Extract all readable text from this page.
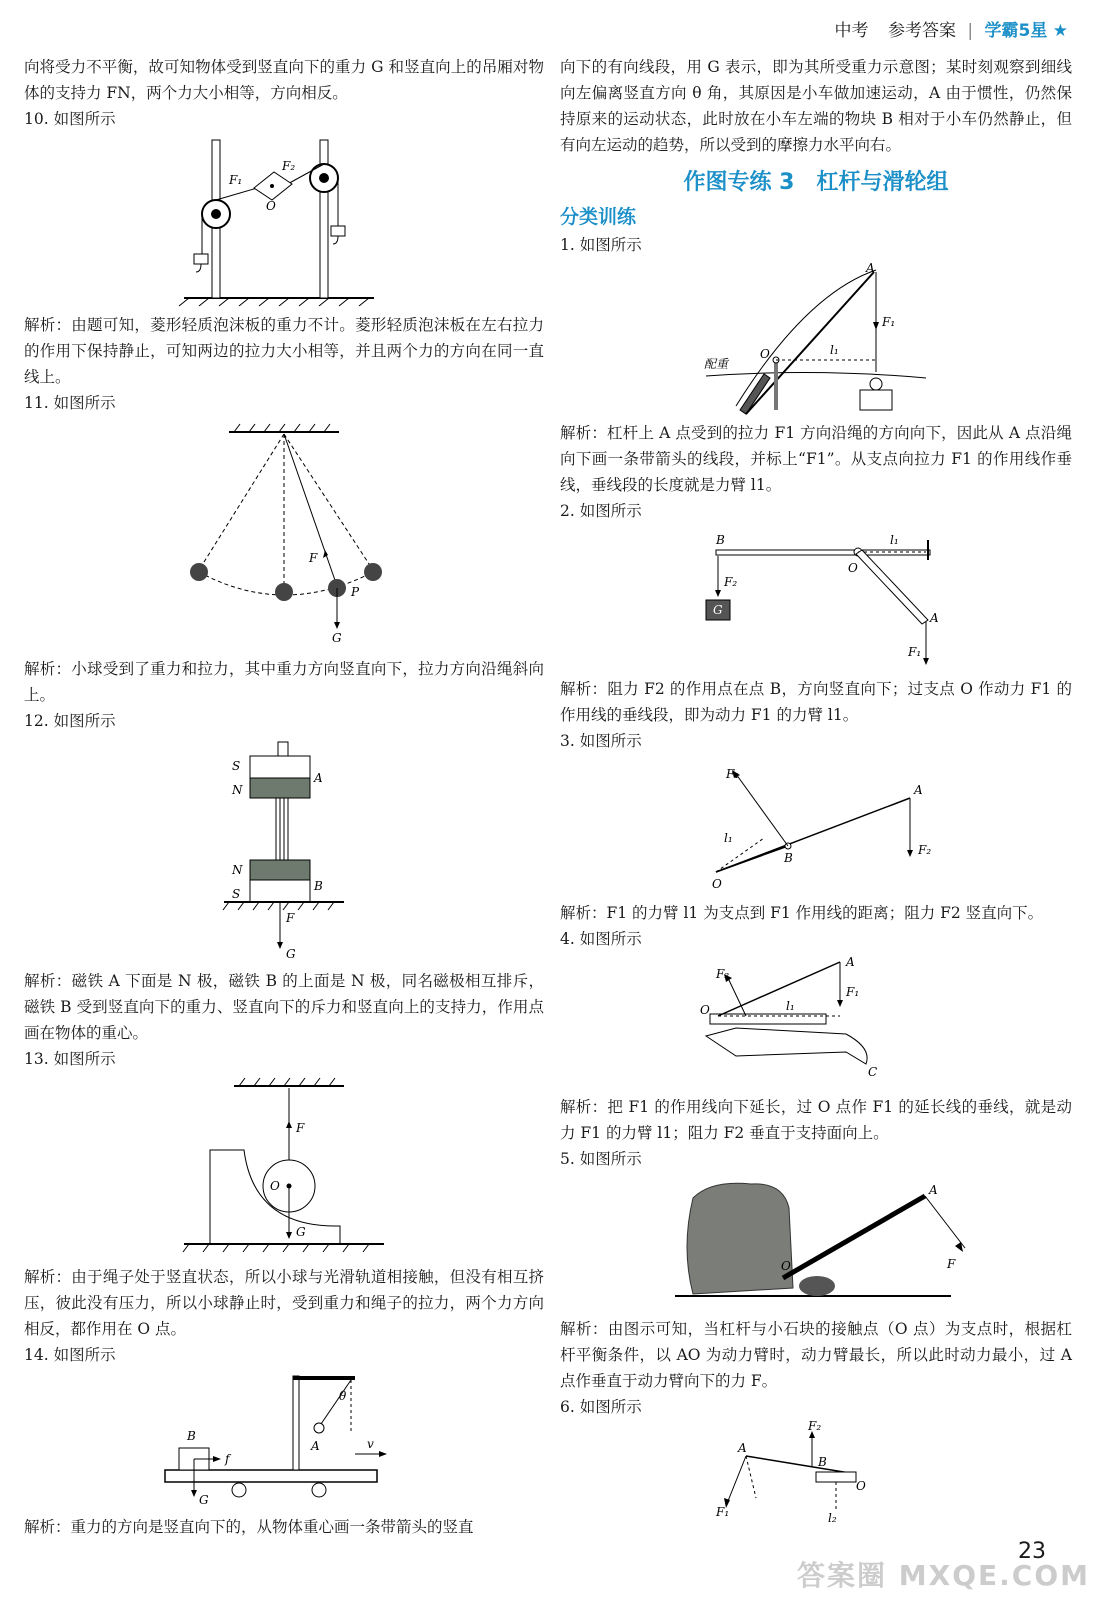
中考 参考答案 | 学霸5星 ★

向将受力不平衡，故可知物体受到竖直向下的重力 G 和竖直向上的吊厢对物体的支持力 FN，两个力大小相等，方向相反。

10. 如图所示

F₁
F₂
O

解析：由题可知，菱形轻质泡沫板的重力不计。菱形轻质泡沫板在左右拉力的作用下保持静止，可知两边的拉力大小相等，并且两个力的方向在同一直线上。

11. 如图所示

F
P
G

解析：小球受到了重力和拉力，其中重力方向竖直向下，拉力方向沿绳斜向上。

12. 如图所示

S
N
A
N
S
B
F
G

解析：磁铁 A 下面是 N 极，磁铁 B 的上面是 N 极，同名磁极相互排斥，磁铁 B 受到竖直向下的重力、竖直向下的斥力和竖直向上的支持力，作用点画在物体的重心。

13. 如图所示

F
O
G

解析：由于绳子处于竖直状态，所以小球与光滑轨道相接触，但没有相互挤压，彼此没有压力，所以小球静止时，受到重力和绳子的拉力，两个力方向相反，都作用在 O 点。

14. 如图所示

θ
A	v
B
f
G

解析：重力的方向是竖直向下的，从物体重心画一条带箭头的竖直

向下的有向线段，用 G 表示，即为其所受重力示意图；某时刻观察到细线向左偏离竖直方向 θ 角，其原因是小车做加速运动，A 由于惯性，仍然保持原来的运动状态，此时放在小车左端的物块 B 相对于小车仍然静止，但有向左运动的趋势，所以受到的摩擦力水平向右。

作图专练 3　杠杆与滑轮组
分类训练

1. 如图所示

配重
O
F₁
A
l₁

解析：杠杆上 A 点受到的拉力 F1 方向沿绳的方向向下，因此从 A 点沿绳向下画一条带箭头的线段，并标上“F1”。从支点向拉力 F1 的作用线作垂线，垂线段的长度就是力臂 l1。

2. 如图所示

B
O
l₁
A
F₁
F₂
G

解析：阻力 F2 的作用点在点 B，方向竖直向下；过支点 O 作动力 F1 的作用线的垂线段，即为动力 F1 的力臂 l1。

3. 如图所示

O
B
F₁
l₁
A
F₂

解析：F1 的力臂 l1 为支点到 F1 作用线的距离；阻力 F2 竖直向下。

4. 如图所示

O
A
F₁
l₁
F₂
C

解析：把 F1 的作用线向下延长，过 O 点作 F1 的延长线的垂线，就是动力 F1 的力臂 l1；阻力 F2 垂直于支持面向上。

5. 如图所示

O
A
F

解析：由图示可知，当杠杆与小石块的接触点（O 点）为支点时，根据杠杆平衡条件，以 AO 为动力臂时，动力臂最长，所以此时动力最小，过 A 点作垂直于动力臂向下的力 F。

6. 如图所示

A
F₂
B
F₁
O
l₂
23
答案圈 MXQE.COM
